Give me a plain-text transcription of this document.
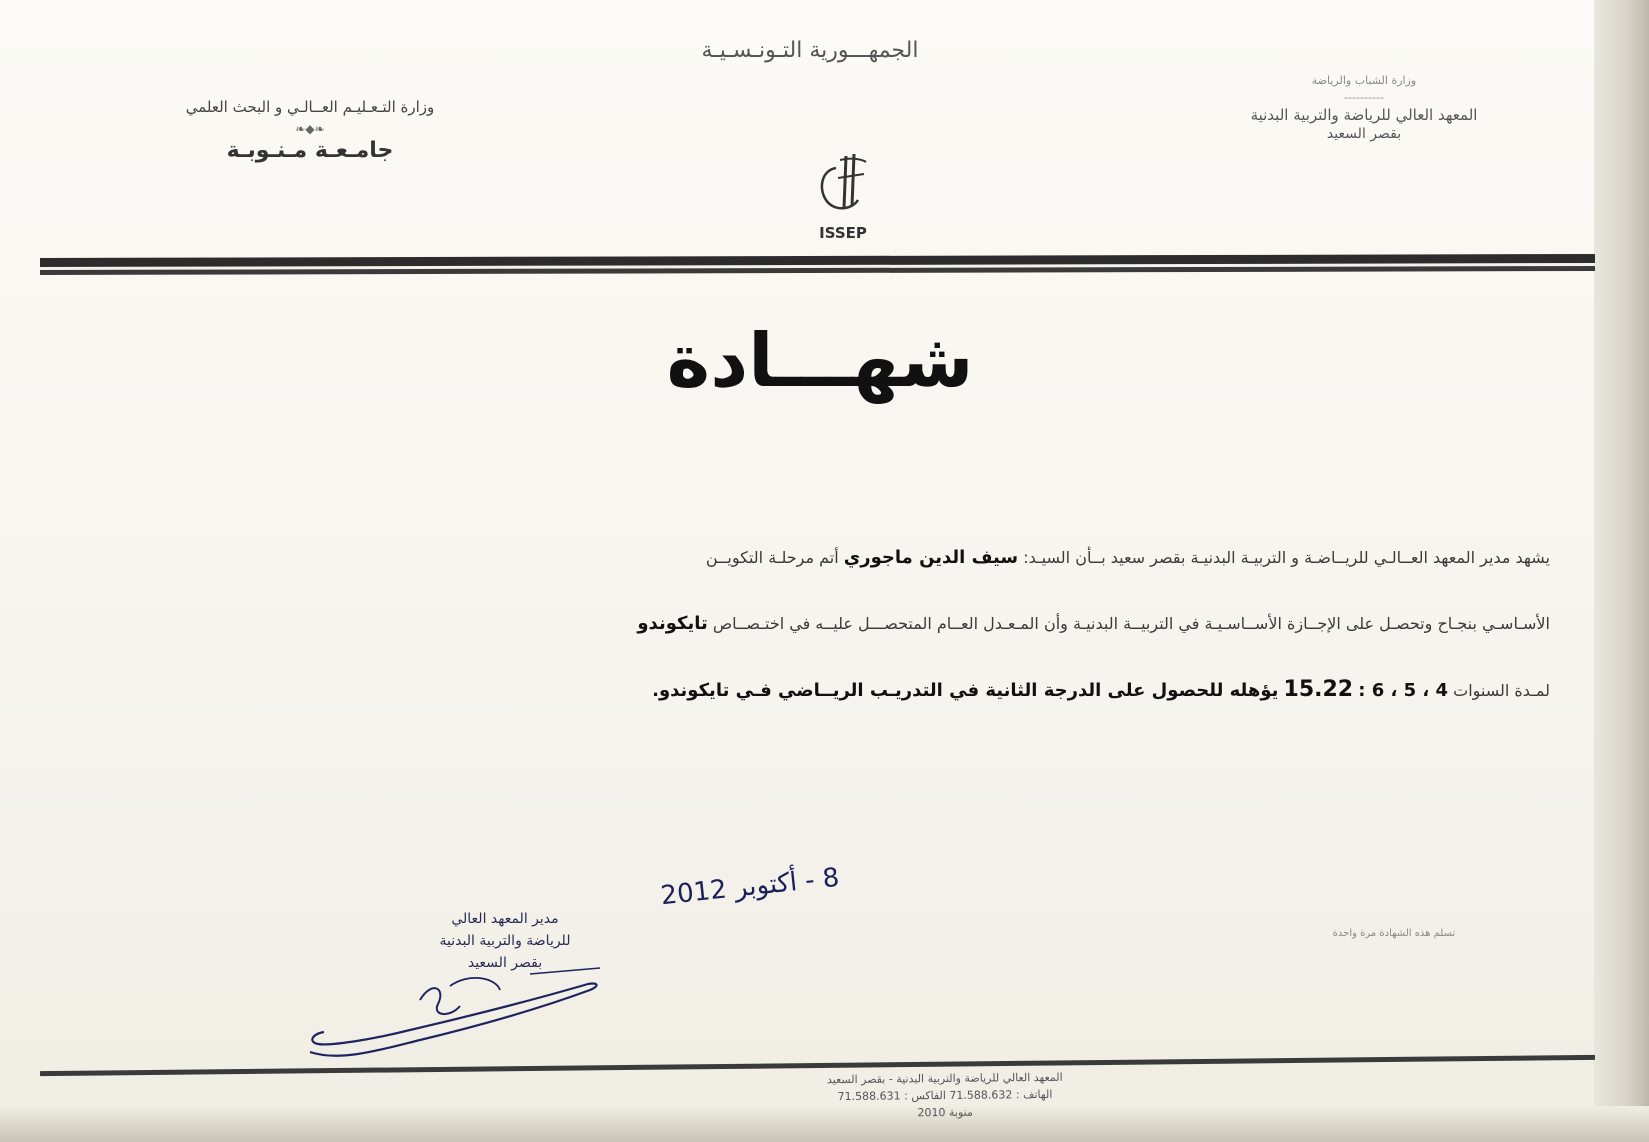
الجمهـــورية التـونـسـيـة
وزارة التـعـليـم العــالـي و البحث العلمي
❧◆❧
جامـعـة مـنـوبـة
وزارة الشباب والرياضة
----------
المعهد العالي للرياضة والتربية البدنية
بقصر السعيد
ISSEP
شهـــادة
يشهد مدير المعهد العــالـي للريــاضـة و التربيـة البدنيـة بقصر سعيد بــأن السيـد: سيف الدين ماجوري أتم مرحلـة التكويــن
الأسـاسـي بنجـاح وتحصـل على الإجــازة الأســاسـيـة في التربيــة البدنيـة وأن المـعـدل العــام المتحصـــل عليــه في اختـصــاص تايكوندو
لمـدة السنوات 4 ، 5 ، 6 : 15.22 يؤهله للحصول على الدرجة الثانية في التدريـب الريــاضي فـي تايكوندو.
8 - أكتوبر 2012
تسلم هذه الشهادة مرة واحدة
مدير المعهد العالي
للرياضة والتربية البدنية
بقصر السعيد
المعهد العالي للرياضة والتربية البدنية - بقصر السعيد
الهاتف : 71.588.632 الفاكس : 71.588.631
منوبة 2010
